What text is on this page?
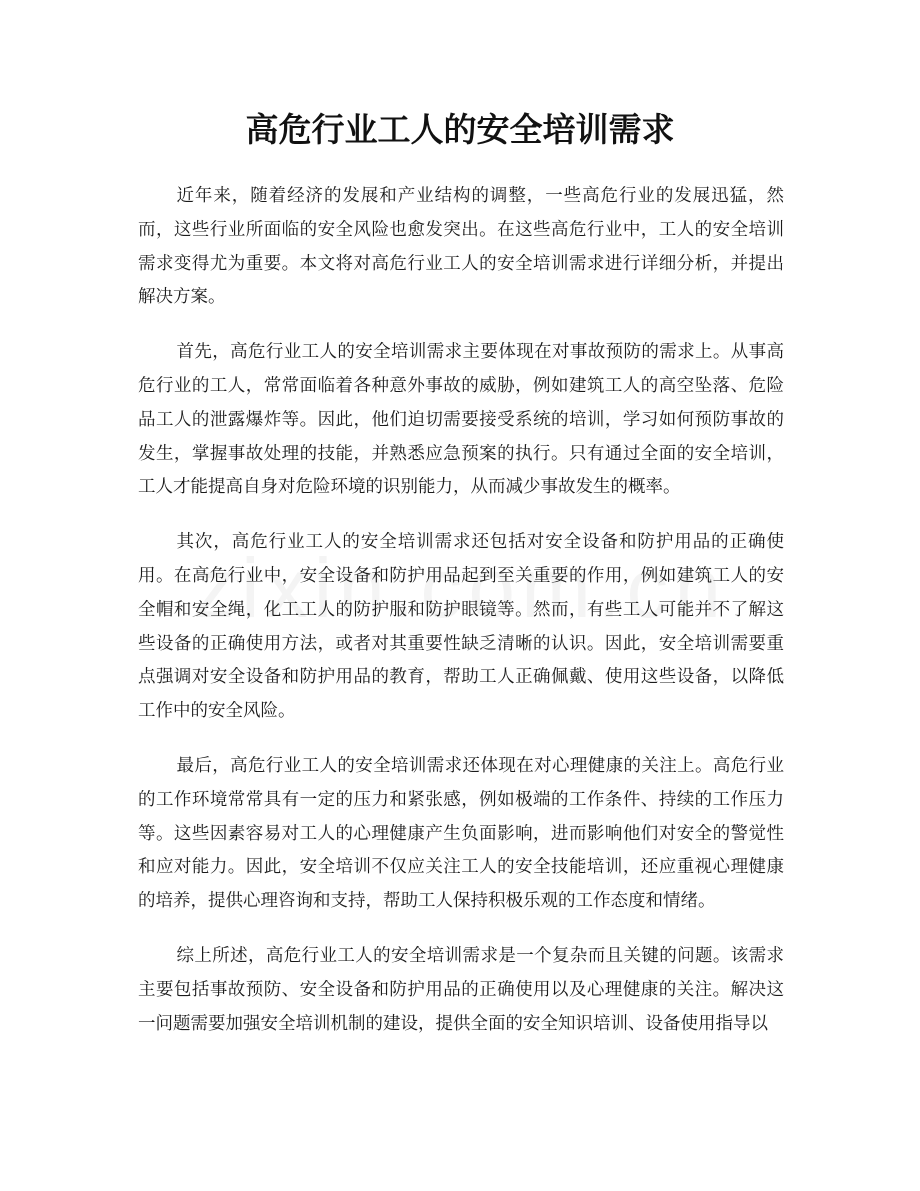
高危行业工人的安全培训需求

近年来，随着经济的发展和产业结构的调整，一些高危行业的发展迅猛，然而，这些行业所面临的安全风险也愈发突出。在这些高危行业中，工人的安全培训需求变得尤为重要。本文将对高危行业工人的安全培训需求进行详细分析，并提出解决方案。

首先，高危行业工人的安全培训需求主要体现在对事故预防的需求上。从事高危行业的工人，常常面临着各种意外事故的威胁，例如建筑工人的高空坠落、危险品工人的泄露爆炸等。因此，他们迫切需要接受系统的培训，学习如何预防事故的发生，掌握事故处理的技能，并熟悉应急预案的执行。只有通过全面的安全培训，工人才能提高自身对危险环境的识别能力，从而减少事故发生的概率。

其次，高危行业工人的安全培训需求还包括对安全设备和防护用品的正确使用。在高危行业中，安全设备和防护用品起到至关重要的作用，例如建筑工人的安全帽和安全绳，化工工人的防护服和防护眼镜等。然而，有些工人可能并不了解这些设备的正确使用方法，或者对其重要性缺乏清晰的认识。因此，安全培训需要重点强调对安全设备和防护用品的教育，帮助工人正确佩戴、使用这些设备，以降低工作中的安全风险。

最后，高危行业工人的安全培训需求还体现在对心理健康的关注上。高危行业的工作环境常常具有一定的压力和紧张感，例如极端的工作条件、持续的工作压力等。这些因素容易对工人的心理健康产生负面影响，进而影响他们对安全的警觉性和应对能力。因此，安全培训不仅应关注工人的安全技能培训，还应重视心理健康的培养，提供心理咨询和支持，帮助工人保持积极乐观的工作态度和情绪。

综上所述，高危行业工人的安全培训需求是一个复杂而且关键的问题。该需求主要包括事故预防、安全设备和防护用品的正确使用以及心理健康的关注。解决这一问题需要加强安全培训机制的建设，提供全面的安全知识培训、设备使用指导以
